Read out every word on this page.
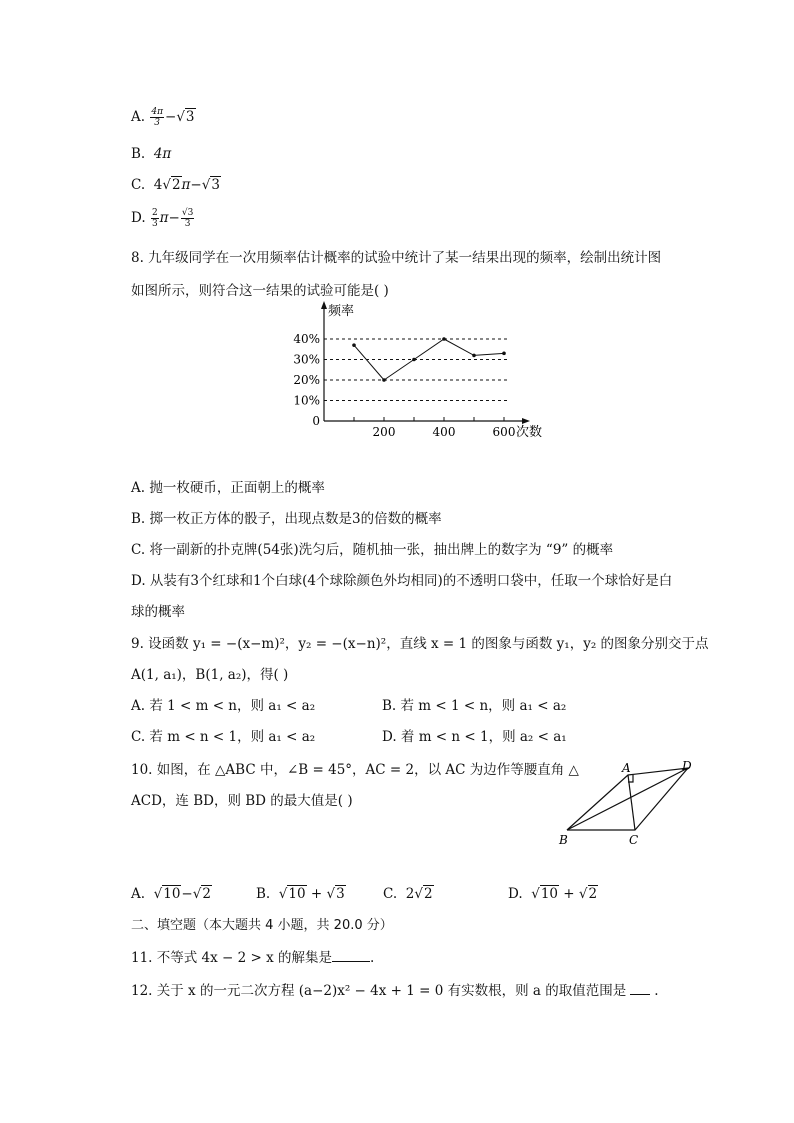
A. $\frac{4\pi}{3} -√3$
B. 4π
C. 4√2π−√3
D. $\frac{2}{3} \pi- \frac{√3}{3}$
8. 九年级同学在一次用频率估计概率的试验中统计了某一结果出现的频率，绘制出统计图
如图所示，则符合这一结果的试验可能是( )
40%
30%
20%
10%
0
200	400	600
频率
次数
A. 抛一枚硬币，正面朝上的概率
B. 掷一枚正方体的骰子，出现点数是3的倍数的概率
C. 将一副新的扑克牌(54张)洗匀后，随机抽一张，抽出牌上的数字为 “9” 的概率
D. 从装有3个红球和1个白球(4个球除颜色外均相同)的不透明口袋中，任取一个球恰好是白
球的概率
9. 设函数 y₁ = −(x−m)²，y₂ = −(x−n)²，直线 x = 1 的图象与函数 y₁，y₂ 的图象分别交于点
A(1, a₁)，B(1, a₂)，得( )
A. 若 1 < m < n，则 a₁ < a₂	B. 若 m < 1 < n，则 a₁ < a₂
C. 若 m < n < 1，则 a₁ < a₂	D. 着 m < n < 1，则 a₂ < a₁
10. 如图，在 △ABC 中，∠B = 45°，AC = 2，以 AC 为边作等腰直角 △
ACD，连 BD，则 BD 的最大值是( )
A	D
B	C
A.  √10−√2	B.  √10 + √3	C. 2√2	D.  √10 + √2
二、填空题（本大题共 4 小题，共 20.0 分）
11. 不等式 4x − 2 > x 的解集是	.
12. 关于 x 的一元二次方程 (a−2)x² − 4x + 1 = 0 有实数根，则 a 的取值范围是 .
